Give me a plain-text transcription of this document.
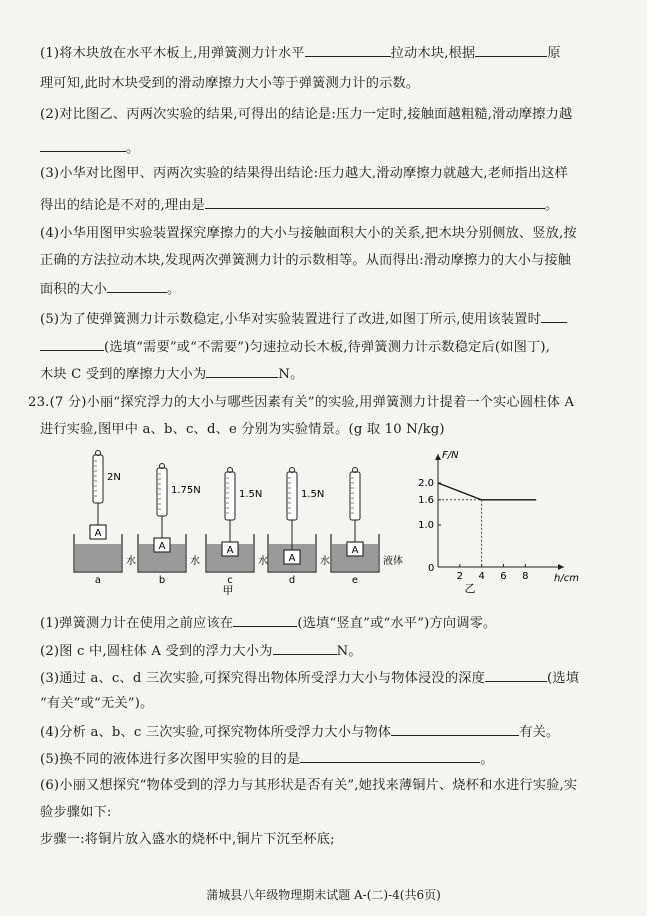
(1)将木块放在水平木板上,用弹簧测力计水平	拉动木块,根据	原
理可知,此时木块受到的滑动摩擦力大小等于弹簧测力计的示数。
(2)对比图乙、丙两次实验的结果,可得出的结论是:压力一定时,接触面越粗糙,滑动摩擦力越
。
(3)小华对比图甲、丙两次实验的结果得出结论:压力越大,滑动摩擦力就越大,老师指出这样
得出的结论是不对的,理由是	。
(4)小华用图甲实验装置探究摩擦力的大小与接触面积大小的关系,把木块分别侧放、竖放,按
正确的方法拉动木块,发现两次弹簧测力计的示数相等。从而得出:滑动摩擦力的大小与接触
面积的大小	。
(5)为了使弹簧测力计示数稳定,小华对实验装置进行了改进,如图丁所示,使用该装置时
(选填“需要”或“不需要”)匀速拉动长木板,待弹簧测力计示数稳定后(如图丁),
木块 C 受到的摩擦力大小为	N。
23.(7 分)小丽“探究浮力的大小与哪些因素有关”的实验,用弹簧测力计提着一个实心圆柱体 A
进行实验,图甲中 a、b、c、d、e 分别为实验情景。(g 取 10 N/kg)
A
2N
水
a
A
1.75N
水
b
A
1.5N
水
c
A
1.5N
水
d
A
液体
e
甲
F/N
h/cm
0
2 4 6 8
2.0
1.6
1.0
乙
(1)弹簧测力计在使用之前应该在	(选填“竖直”或“水平”)方向调零。
(2)图 c 中,圆柱体 A 受到的浮力大小为	N。
(3)通过 a、c、d 三次实验,可探究得出物体所受浮力大小与物体浸没的深度	(选填
“有关”或“无关”)。
(4)分析 a、b、c 三次实验,可探究物体所受浮力大小与物体	有关。
(5)换不同的液体进行多次图甲实验的目的是	。
(6)小丽又想探究“物体受到的浮力与其形状是否有关”,她找来薄铜片、烧杯和水进行实验,实
验步骤如下:
步骤一:将铜片放入盛水的烧杯中,铜片下沉至杯底;
蒲城县八年级物理期末试题 A-(二)-4(共6页)
